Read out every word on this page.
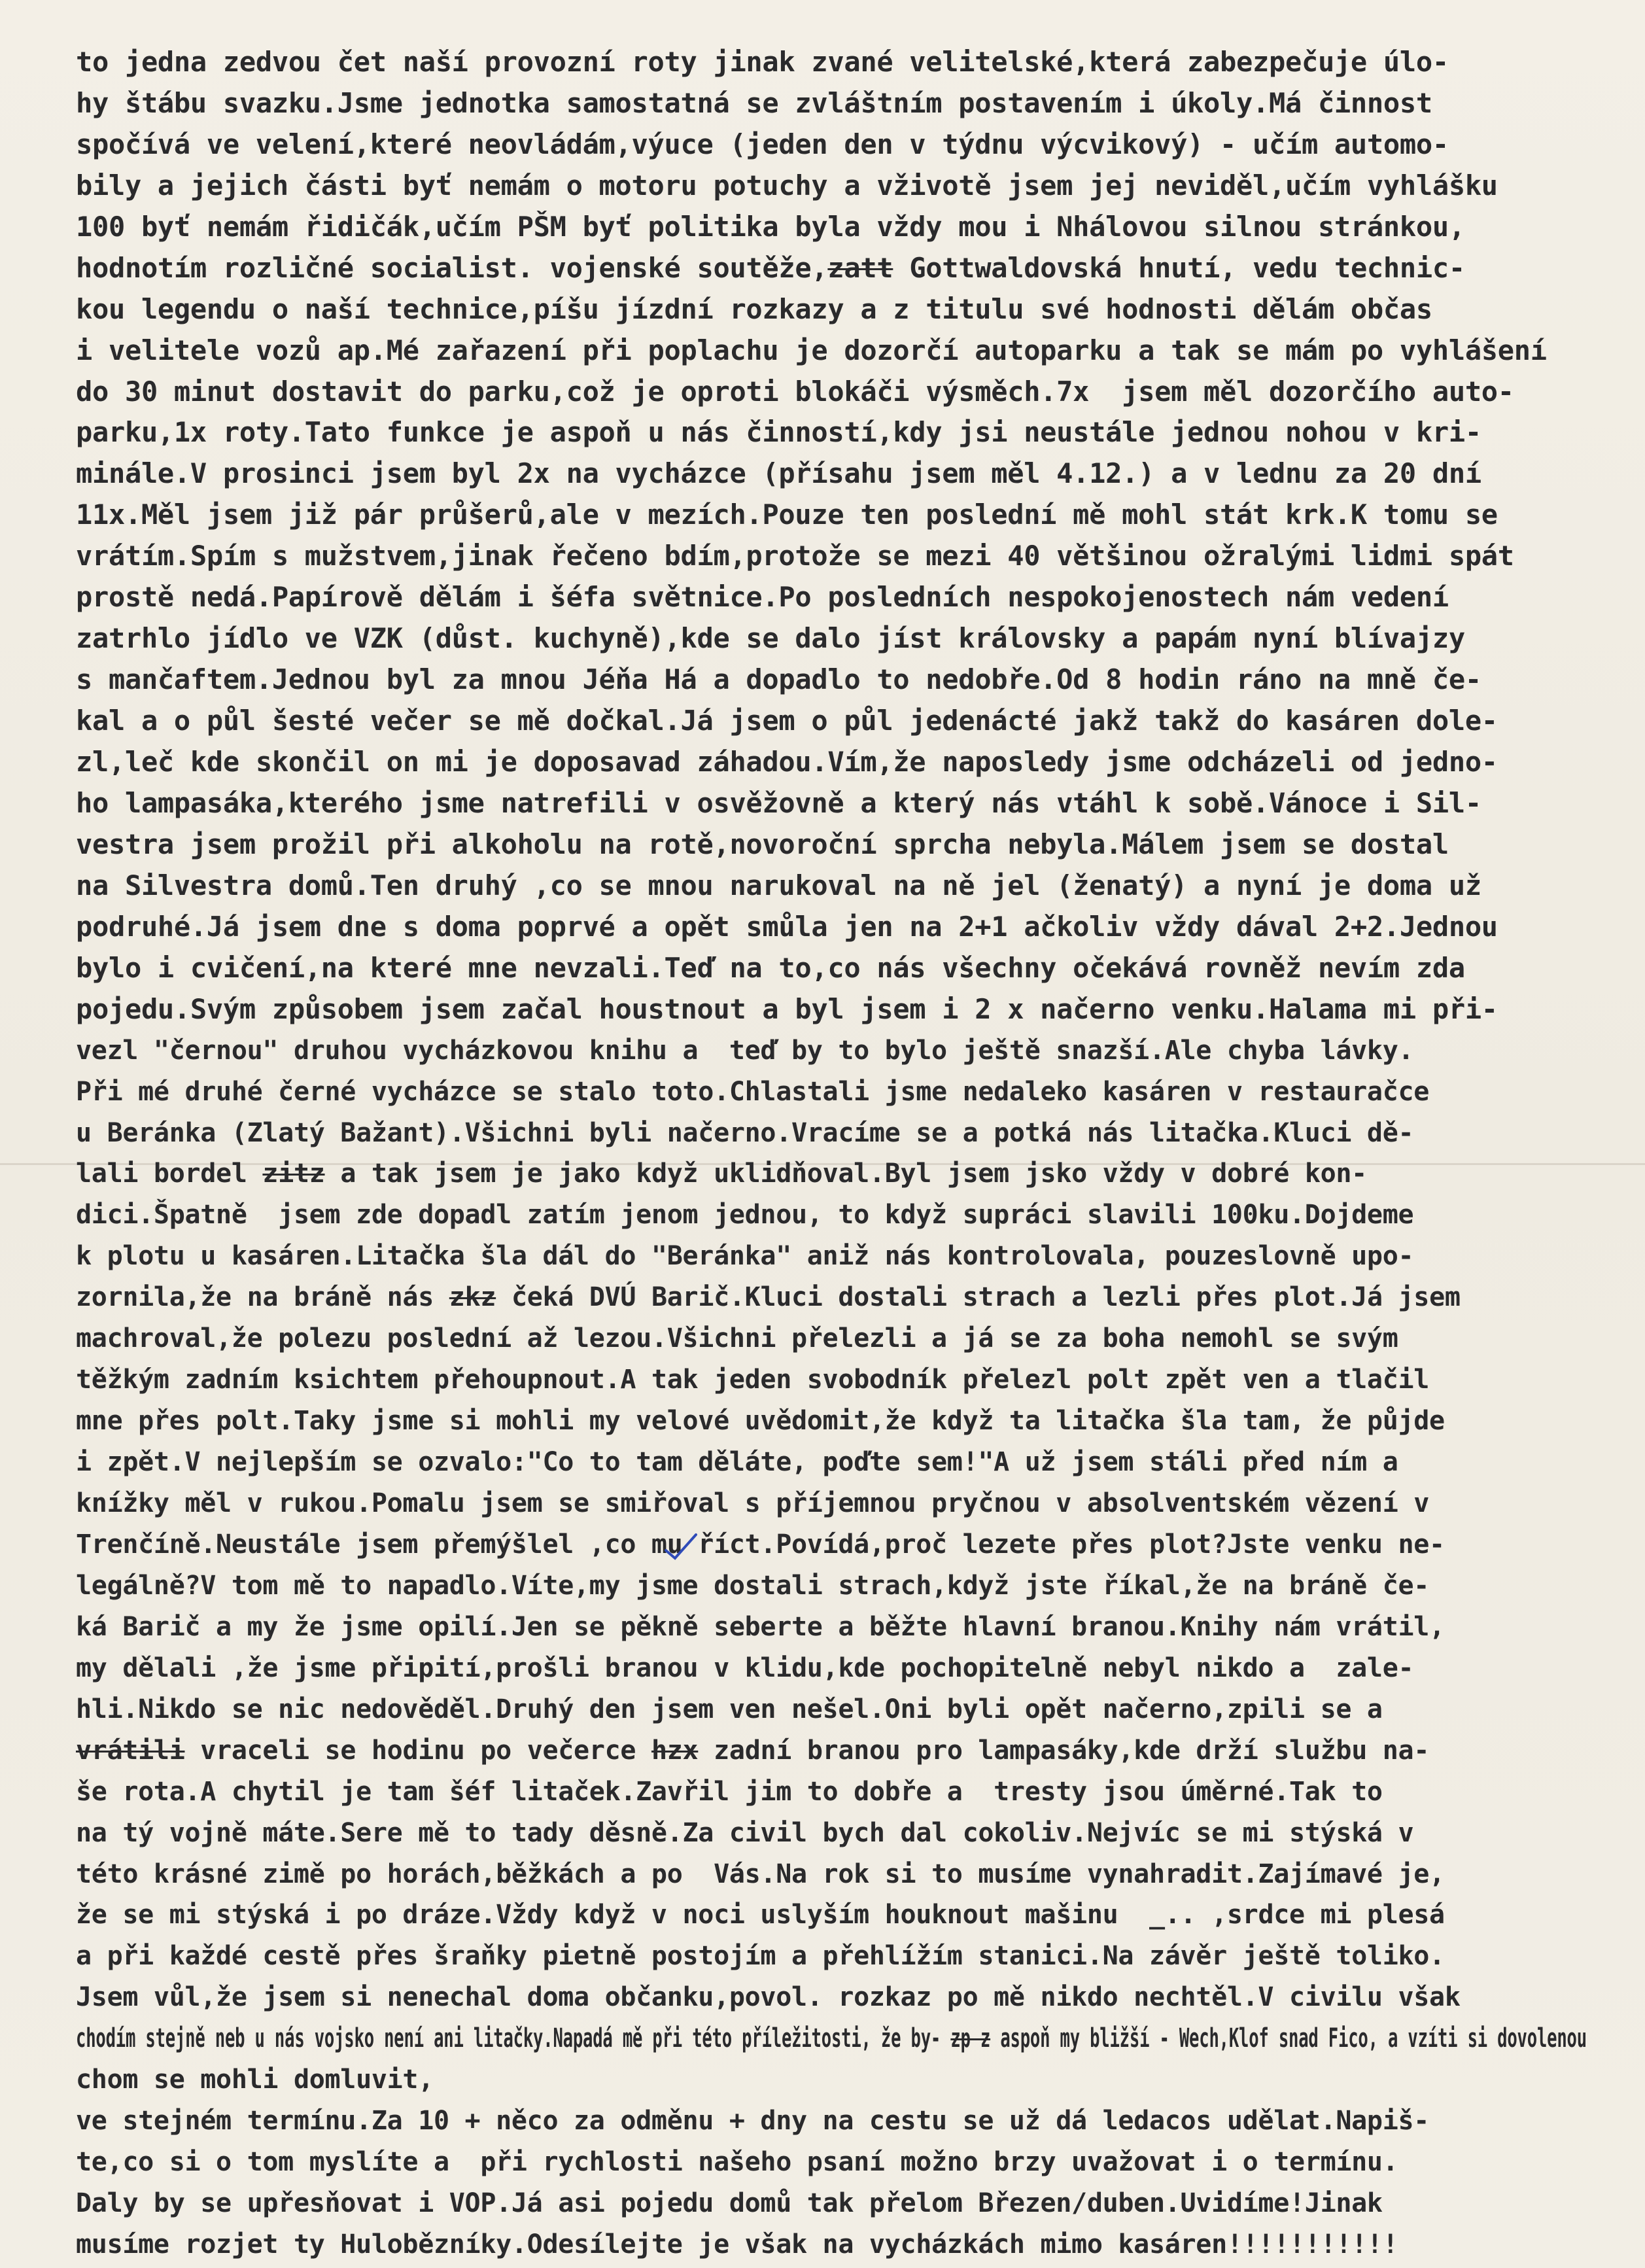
to jedna zedvou čet naší provozní roty jinak zvané velitelské,která zabezpečuje úlo-
hy štábu svazku.Jsme jednotka samostatná se zvláštním postavením i úkoly.Má činnost
spočívá ve velení,které neovládám,výuce (jeden den v týdnu výcvikový) - učím automo-
bily a jejich části byť nemám o motoru potuchy a vživotě jsem jej neviděl,učím vyhlášku
100 byť nemám řidičák,učím PŠM byť politika byla vždy mou i Nhálovou silnou stránkou,
hodnotím rozličné socialist. vojenské soutěže,zatt Gottwaldovská hnutí, vedu technic-
kou legendu o naší technice,píšu jízdní rozkazy a z titulu své hodnosti dělám občas
i velitele vozů ap.Mé zařazení při poplachu je dozorčí autoparku a tak se mám po vyhlášení
do 30 minut dostavit do parku,což je oproti blokáči výsměch.7x  jsem měl dozorčího auto-
parku,1x roty.Tato funkce je aspoň u nás činností,kdy jsi neustále jednou nohou v kri-
minále.V prosinci jsem byl 2x na vycházce (přísahu jsem měl 4.12.) a v lednu za 20 dní
11x.Měl jsem již pár průšerů,ale v mezích.Pouze ten poslední mě mohl stát krk.K tomu se
vrátím.Spím s mužstvem,jinak řečeno bdím,protože se mezi 40 většinou ožralými lidmi spát
prostě nedá.Papírově dělám i šéfa světnice.Po posledních nespokojenostech nám vedení
zatrhlo jídlo ve VZK (důst. kuchyně),kde se dalo jíst královsky a papám nyní blívajzy
s mančaftem.Jednou byl za mnou Jéňa Há a dopadlo to nedobře.Od 8 hodin ráno na mně če-
kal a o půl šesté večer se mě dočkal.Já jsem o půl jedenácté jakž takž do kasáren dole-
zl,leč kde skončil on mi je doposavad záhadou.Vím,že naposledy jsme odcházeli od jedno-
ho lampasáka,kterého jsme natrefili v osvěžovně a který nás vtáhl k sobě.Vánoce i Sil-
vestra jsem prožil při alkoholu na rotě,novoroční sprcha nebyla.Málem jsem se dostal
na Silvestra domů.Ten druhý ,co se mnou narukoval na ně jel (ženatý) a nyní je doma už
podruhé.Já jsem dne s doma poprvé a opět smůla jen na 2+1 ačkoliv vždy dával 2+2.Jednou
bylo i cvičení,na které mne nevzali.Teď na to,co nás všechny očekává rovněž nevím zda
pojedu.Svým způsobem jsem začal houstnout a byl jsem i 2 x načerno venku.Halama mi při-
vezl "černou" druhou vycházkovou knihu a  teď by to bylo ještě snazší.Ale chyba lávky.
Při mé druhé černé vycházce se stalo toto.Chlastali jsme nedaleko kasáren v restauračce
u Beránka (Zlatý Bažant).Všichni byli načerno.Vracíme se a potká nás litačka.Kluci dě-
lali bordel zitz a tak jsem je jako když uklidňoval.Byl jsem jsko vždy v dobré kon-
dici.Špatně  jsem zde dopadl zatím jenom jednou, to když supráci slavili 100ku.Dojdeme
k plotu u kasáren.Litačka šla dál do "Beránka" aniž nás kontrolovala, pouzeslovně upo-
zornila,že na bráně nás zkz čeká DVÚ Barič.Kluci dostali strach a lezli přes plot.Já jsem
machroval,že polezu poslední až lezou.Všichni přelezli a já se za boha nemohl se svým
těžkým zadním ksichtem přehoupnout.A tak jeden svobodník přelezl polt zpět ven a tlačil
mne přes polt.Taky jsme si mohli my velové uvědomit,že když ta litačka šla tam, že půjde
i zpět.V nejlepším se ozvalo:"Co to tam děláte, poďte sem!"A už jsem stáli před ním a
knížky měl v rukou.Pomalu jsem se smiřoval s příjemnou pryčnou v absolventském vězení v
Trenčíně.Neustále jsem přemýšlel ,co mu říct.Povídá,proč lezete přes plot?Jste venku ne-
legálně?V tom mě to napadlo.Víte,my jsme dostali strach,když jste říkal,že na bráně če-
ká Barič a my že jsme opilí.Jen se pěkně seberte a běžte hlavní branou.Knihy nám vrátil,
my dělali ,že jsme připití,prošli branou v klidu,kde pochopitelně nebyl nikdo a  zale-
hli.Nikdo se nic nedověděl.Druhý den jsem ven nešel.Oni byli opět načerno,zpili se a
vrátili vraceli se hodinu po večerce hzx zadní branou pro lampasáky,kde drží službu na-
še rota.A chytil je tam šéf litaček.Zavřil jim to dobře a  tresty jsou úměrné.Tak to
na tý vojně máte.Sere mě to tady děsně.Za civil bych dal cokoliv.Nejvíc se mi stýská v
této krásné zimě po horách,běžkách a po  Vás.Na rok si to musíme vynahradit.Zajímavé je,
že se mi stýská i po dráze.Vždy když v noci uslyším houknout mašinu  _.. ,srdce mi plesá
a při každé cestě přes šraňky pietně postojím a přehlížím stanici.Na závěr ještě toliko.
Jsem vůl,že jsem si nenechal doma občanku,povol. rozkaz po mě nikdo nechtěl.V civilu však
chodím stejně neb u nás vojsko není ani litačky.Napadá mě při této příležitosti, že by- zp z aspoň my bližší - Wech,Klof snad Fico, a vzíti si dovolenou
chom se mohli domluvit,
ve stejném termínu.Za 10 + něco za odměnu + dny na cestu se už dá ledacos udělat.Napiš-
te,co si o tom myslíte a  při rychlosti našeho psaní možno brzy uvažovat i o termínu.
Daly by se upřesňovat i VOP.Já asi pojedu domů tak přelom Březen/duben.Uvidíme!Jinak
musíme rozjet ty Hulobězníky.Odesílejte je však na vycházkách mimo kasáren!!!!!!!!!!!
